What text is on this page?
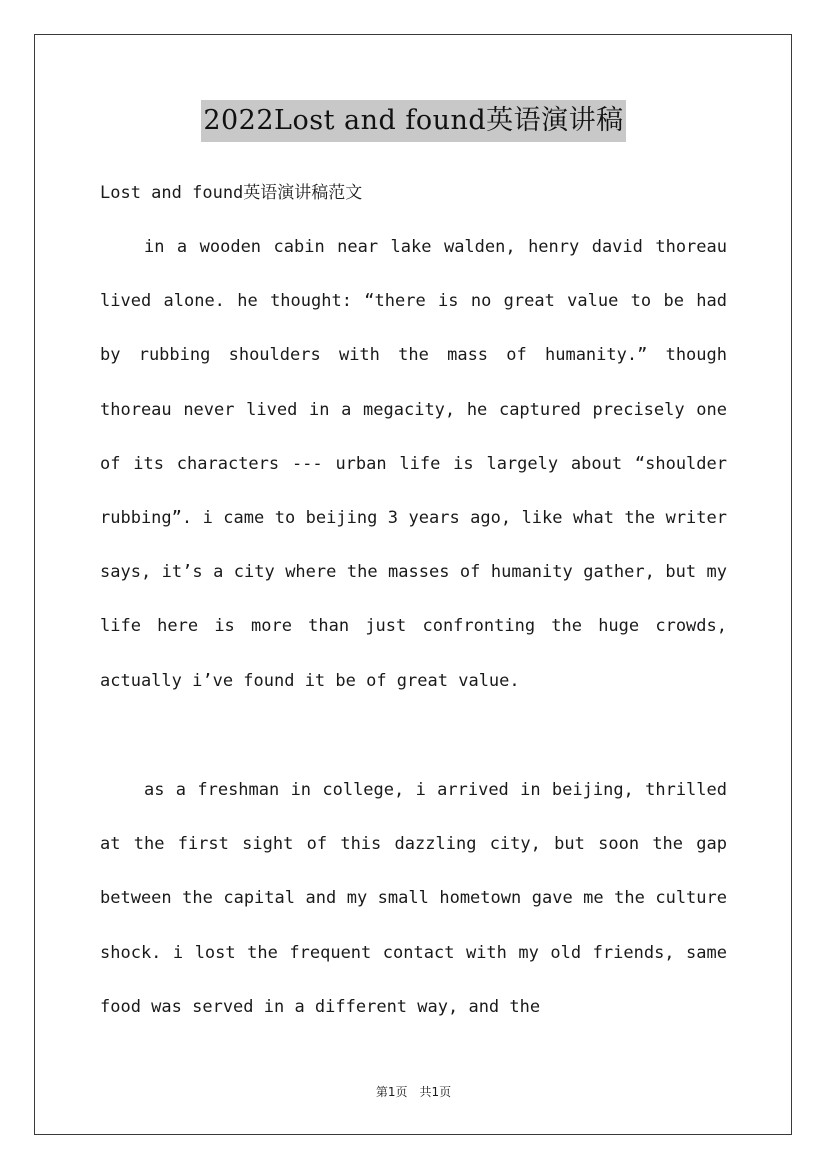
2022Lost and found英语演讲稿
Lost and found英语演讲稿范文

in a wooden cabin near lake walden, henry david thoreau lived alone. he thought: “there is no great value to be had by rubbing shoulders with the mass of humanity.” though thoreau never lived in a megacity, he captured precisely one of its characters --- urban life is largely about “shoulder rubbing”. i came to beijing 3 years ago, like what the writer says, it’s a city where the masses of humanity gather, but my life here is more than just confronting the huge crowds, actually i’ve found it be of great value.

as a freshman in college, i arrived in beijing, thrilled at the first sight of this dazzling city, but soon the gap between the capital and my small hometown gave me the culture shock. i lost the frequent contact with my old friends, same food was served in a different way, and the

第1页 共1页
